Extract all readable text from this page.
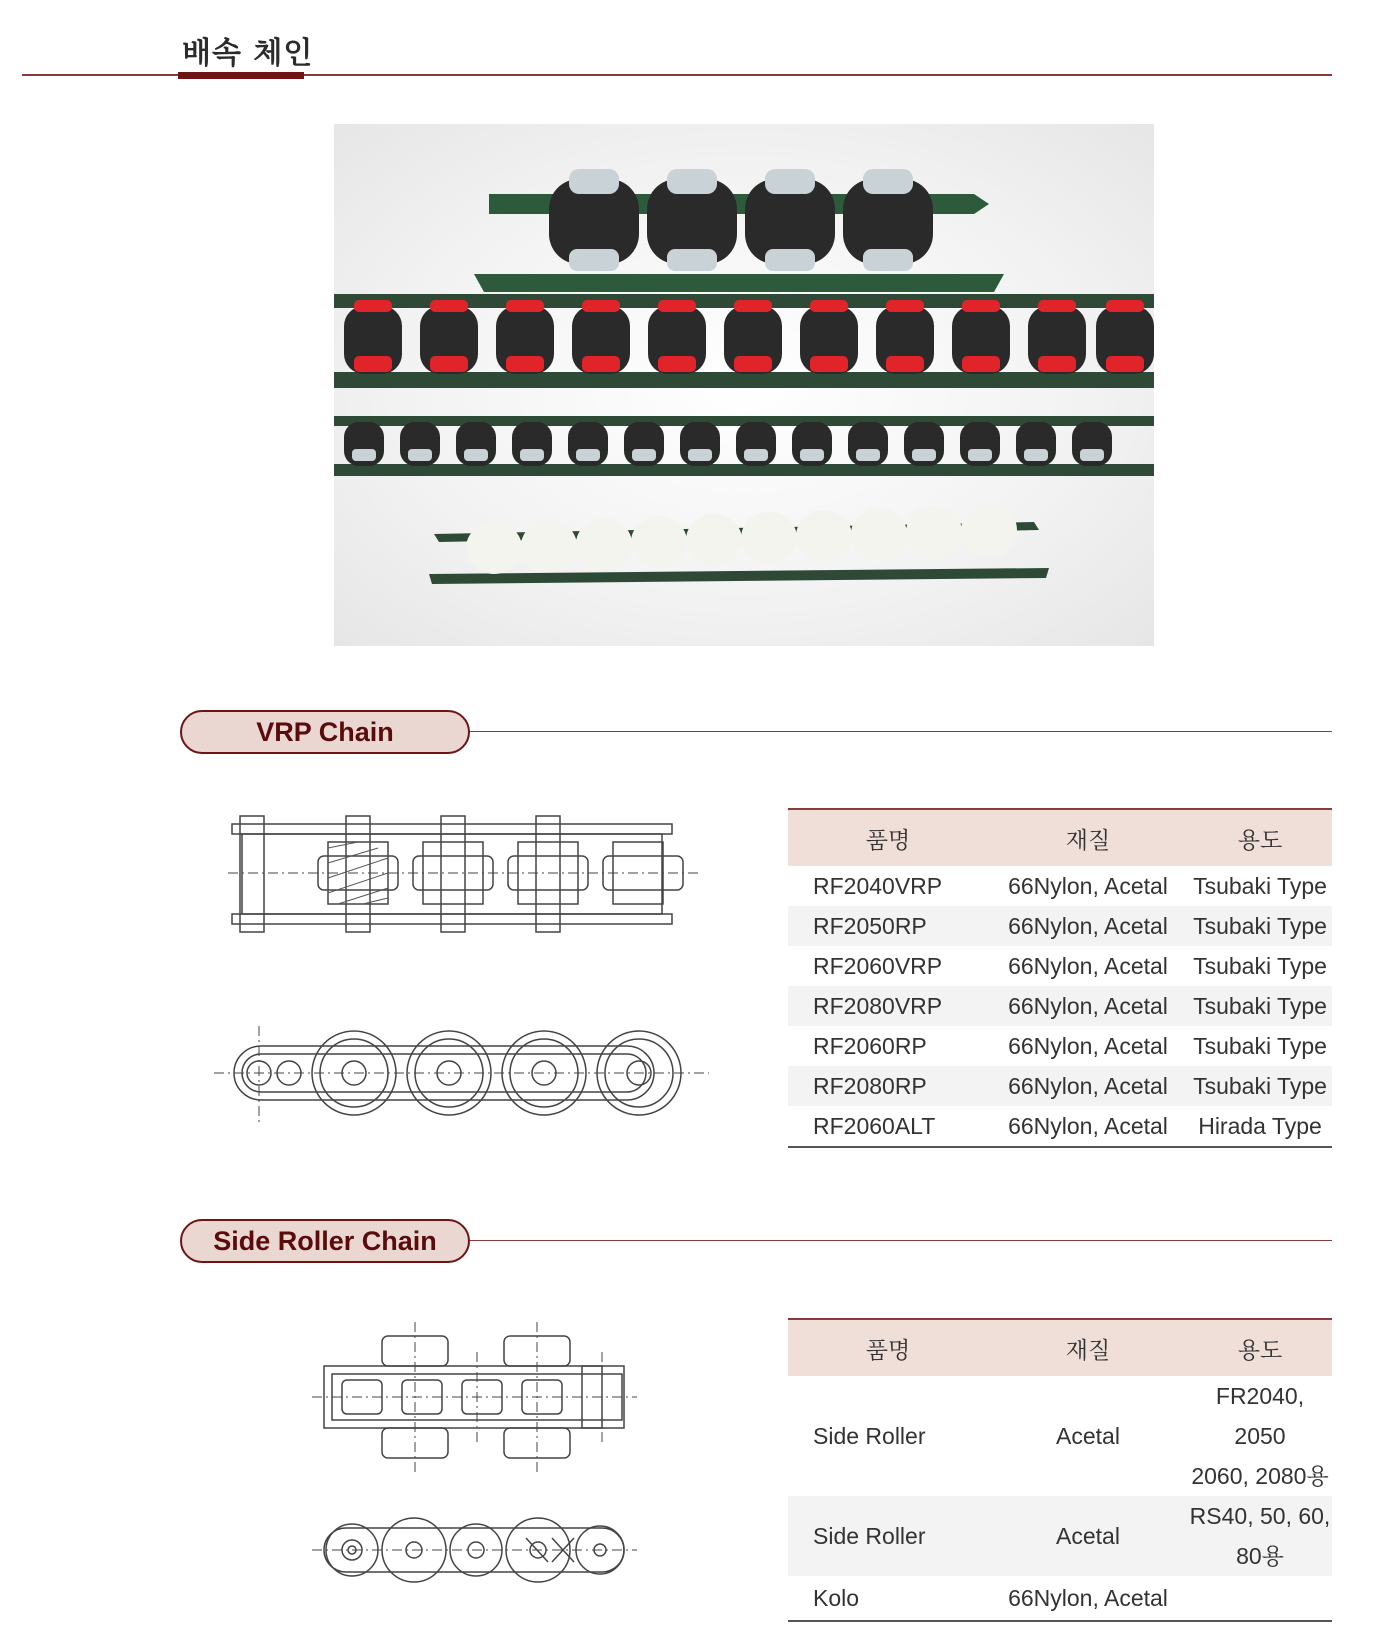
배속 체인
VRP Chain
품명	재질	용도
RF2040VRP	66Nylon, Acetal	Tsubaki Type
RF2050RP	66Nylon, Acetal	Tsubaki Type
RF2060VRP	66Nylon, Acetal	Tsubaki Type
RF2080VRP	66Nylon, Acetal	Tsubaki Type
RF2060RP	66Nylon, Acetal	Tsubaki Type
RF2080RP	66Nylon, Acetal	Tsubaki Type
RF2060ALT	66Nylon, Acetal	Hirada Type
Side Roller Chain
품명	재질	용도
Side Roller	Acetal	FR2040, 2050
2060, 2080용

Side Roller	Acetal	RS40, 50, 60,
80용

Kolo	66Nylon, Acetal	
